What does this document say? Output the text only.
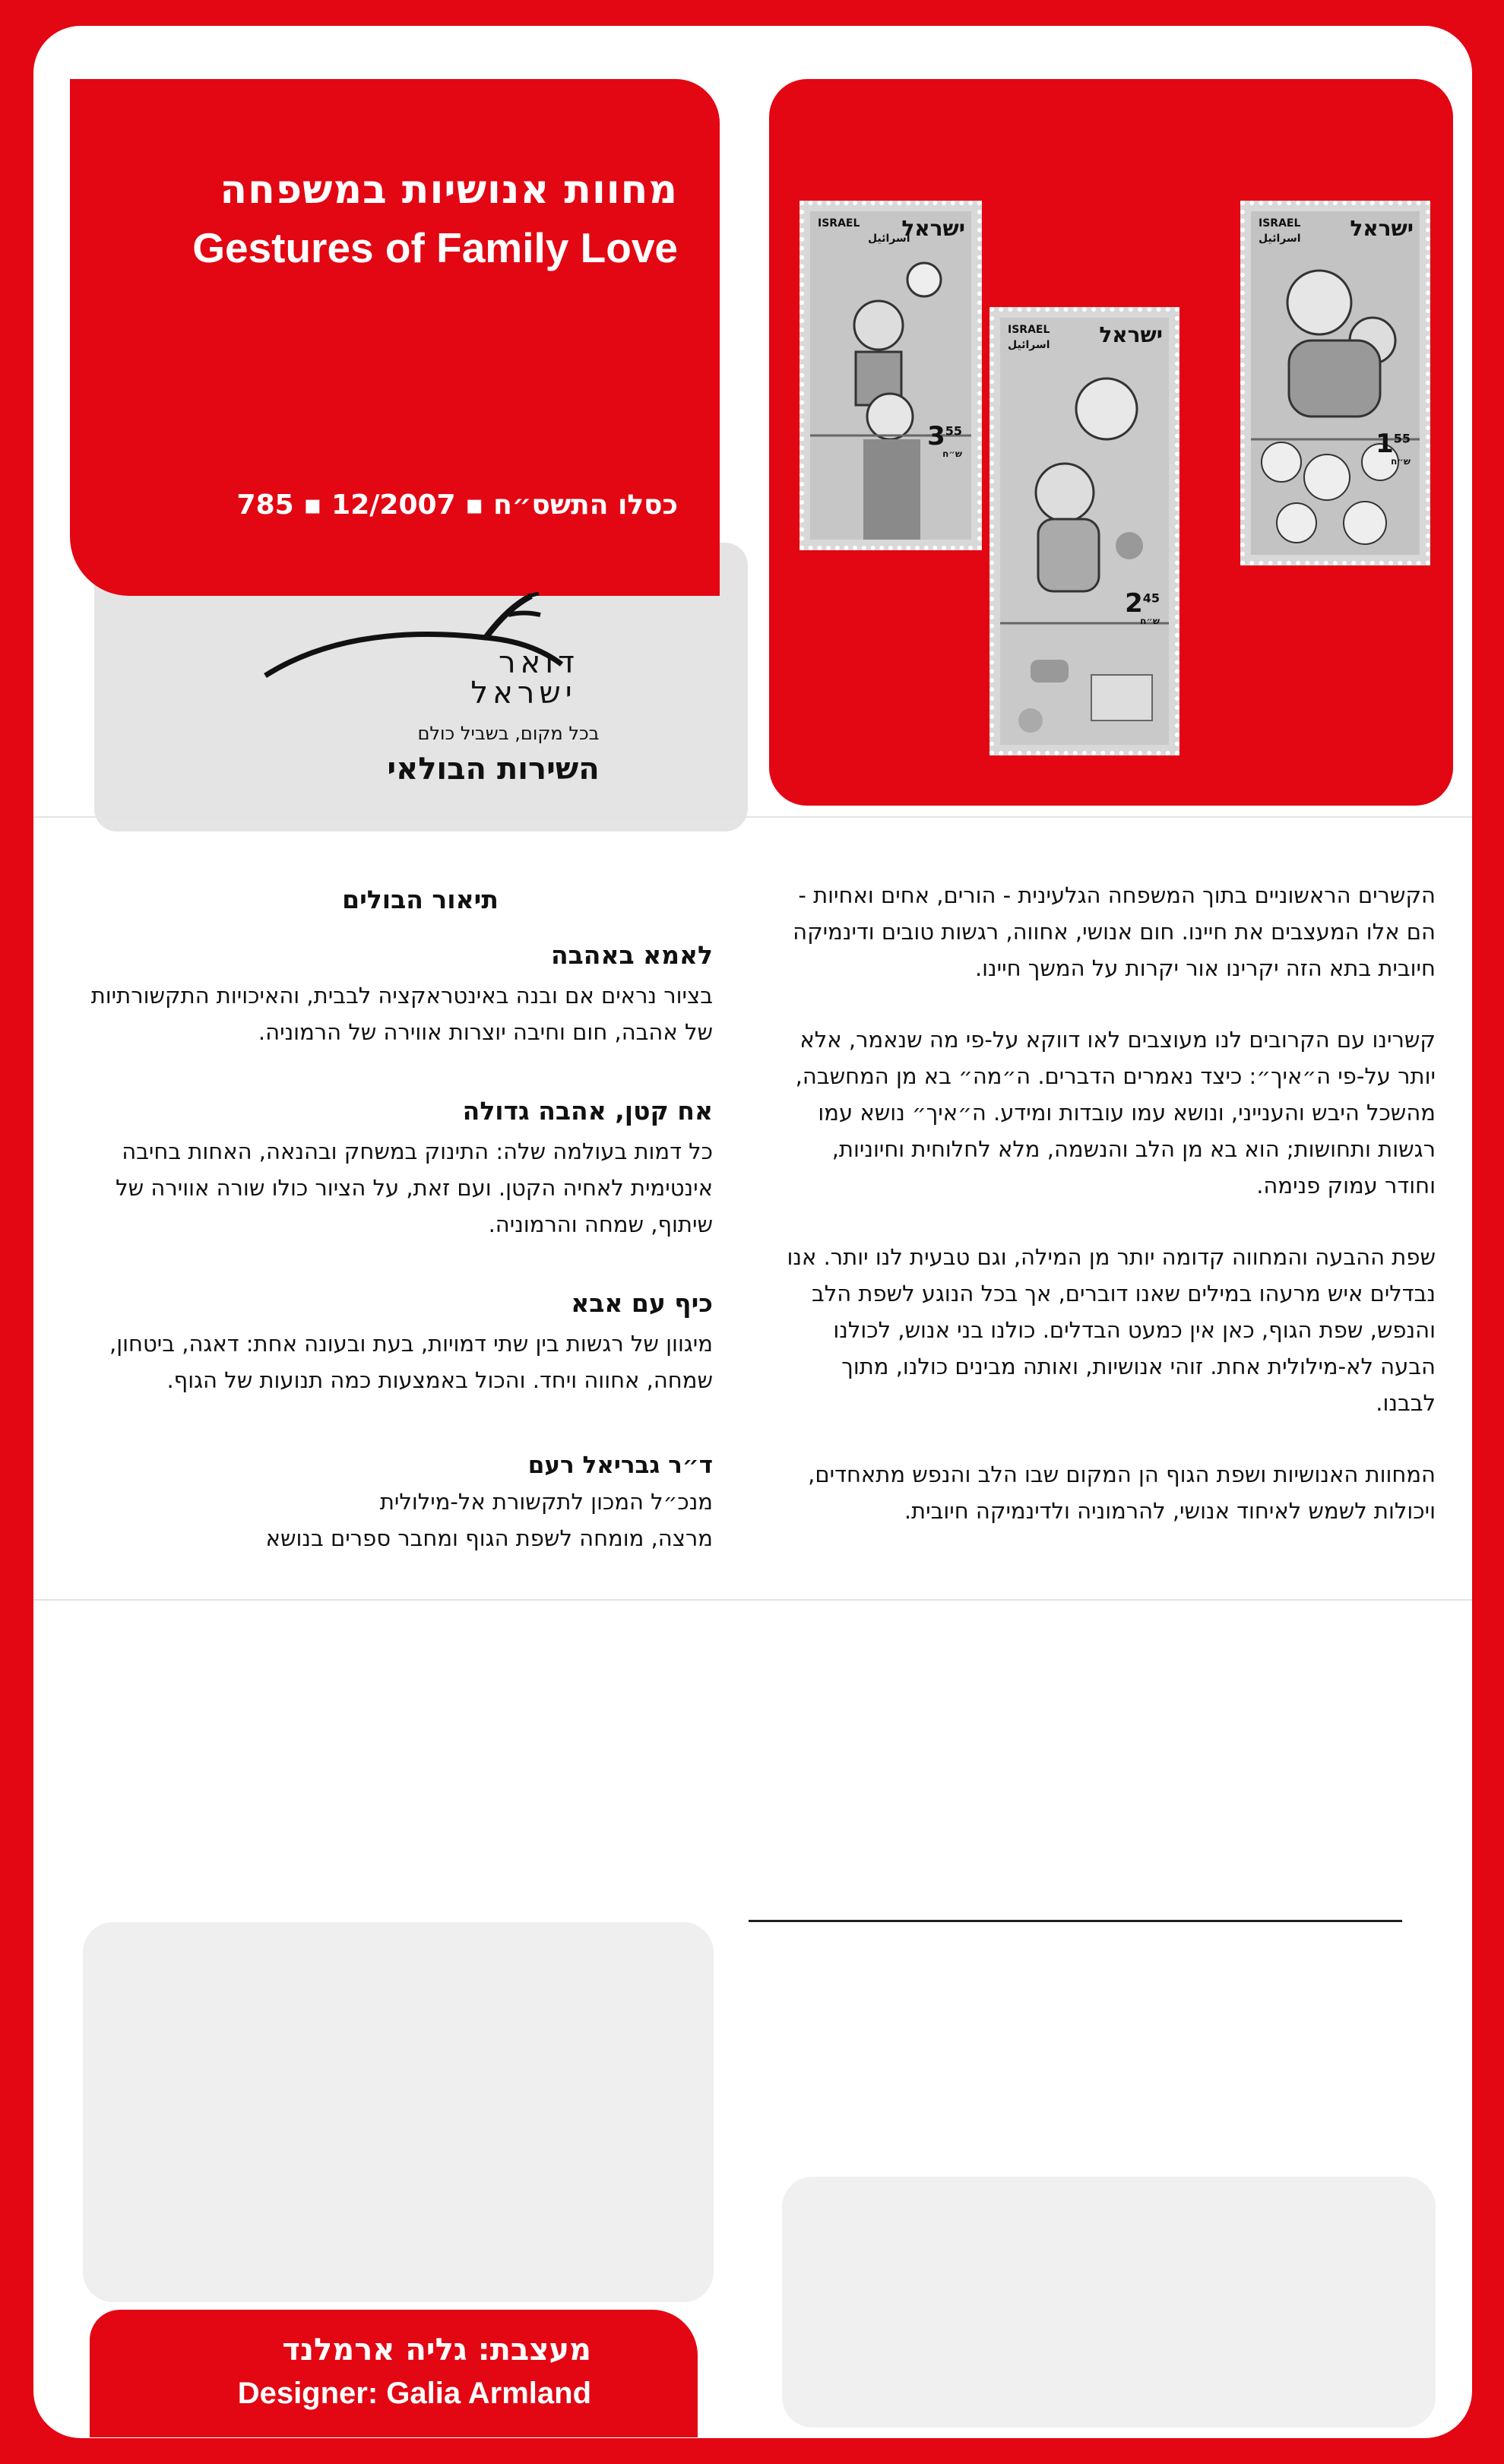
מחוות אנושיות במשפחה
Gestures of Family Love
כסלו התשס״ח ▪ 12/2007 ▪ 785
דואר
ישראל
בכל מקום, בשביל כולם
השירות הבולאי
ISRAEL
اسرائيل
ישראל
$3^{55}$
ש״ח
ISRAEL
اسرائيل ישראל
$2^{45}$
ש״ח
ISRAEL
اسرائيل ישראל
$1^{55}$
ש״ח
תיאור הבולים

לאמא באהבה

בציור נראים אם ובנה באינטראקציה לבבית, והאיכויות התקשורתיות של אהבה, חום וחיבה יוצרות אווירה של הרמוניה.

אח קטן, אהבה גדולה

כל דמות בעולמה שלה: התינוק במשחק ובהנאה, האחות בחיבה אינטימית לאחיה הקטן. ועם זאת, על הציור כולו שורה אווירה של שיתוף, שמחה והרמוניה.

כיף עם אבא

מיגוון של רגשות בין שתי דמויות, בעת ובעונה אחת: דאגה, ביטחון, שמחה, אחווה ויחד. והכול באמצעות כמה תנועות של הגוף.

ד״ר גבריאל רעם

מנכ״ל המכון לתקשורת אל-מילולית

מרצה, מומחה לשפת הגוף ומחבר ספרים בנושא

הקשרים הראשוניים בתוך המשפחה הגלעינית - הורים, אחים ואחיות - הם אלו המעצבים את חיינו. חום אנושי, אחווה, רגשות טובים ודינמיקה חיובית בתא הזה יקרינו אור יקרות על המשך חיינו.

קשרינו עם הקרובים לנו מעוצבים לאו דווקא על-פי מה שנאמר, אלא יותר על-פי ה״איך״: כיצד נאמרים הדברים. ה״מה״ בא מן המחשבה, מהשכל היבש והענייני, ונושא עמו עובדות ומידע. ה״איך״ נושא עמו רגשות ותחושות; הוא בא מן הלב והנשמה, מלא לחלוחית וחיוניות, וחודר עמוק פנימה.

שפת ההבעה והמחווה קדומה יותר מן המילה, וגם טבעית לנו יותר. אנו נבדלים איש מרעהו במילים שאנו דוברים, אך בכל הנוגע לשפת הלב והנפש, שפת הגוף, כאן אין כמעט הבדלים. כולנו בני אנוש, לכולנו הבעה לא-מילולית אחת. זוהי אנושיות, ואותה מבינים כולנו, מתוך לבבנו.

המחוות האנושיות ושפת הגוף הן המקום שבו הלב והנפש מתאחדים, ויכולות לשמש לאיחוד אנושי, להרמוניה ולדינמיקה חיובית.

מעצבת: גליה ארמלנד
Designer: Galia Armland
